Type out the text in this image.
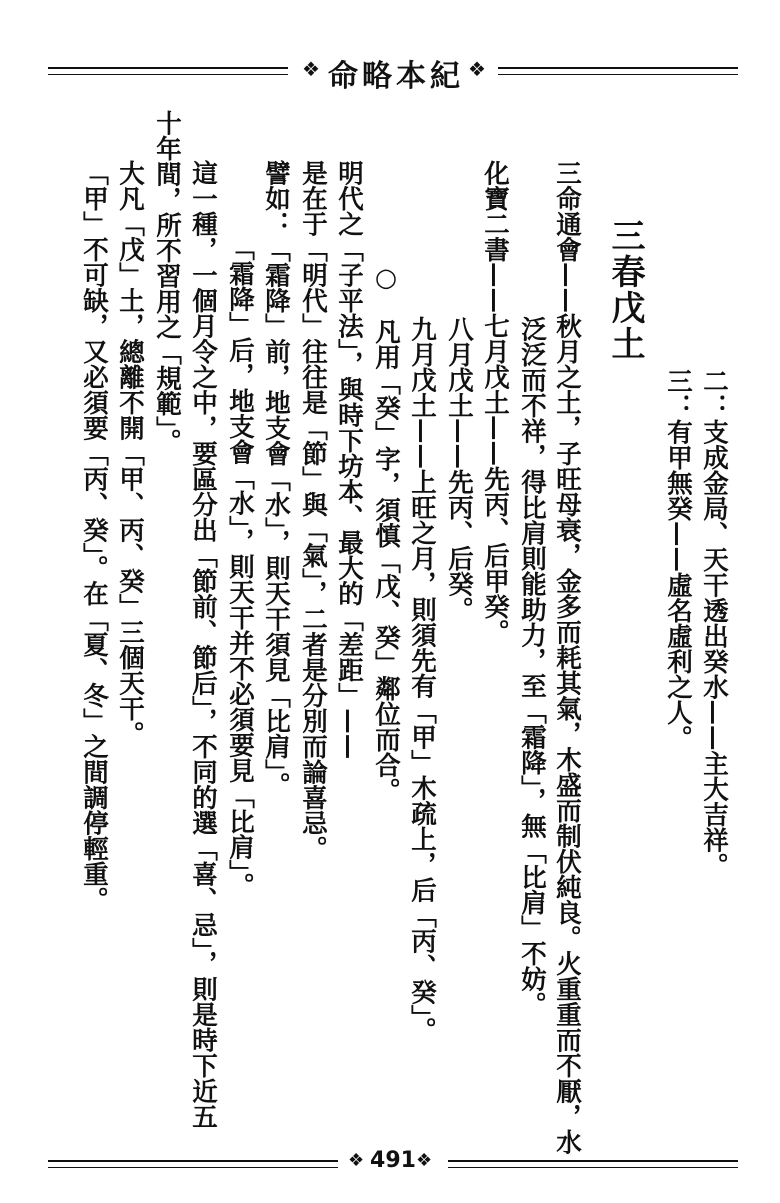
❖ 命略本紀 ❖
二：支成金局、天干透出癸水——主大吉祥。
三：有甲無癸——虛名虛利之人。
三春戊土
三命通會——秋月之土，子旺母衰，金多而耗其氣，木盛而制伏純良。火重重而不厭，水
泛泛而不祥，得比肩則能助力，至「霜降」，無「比肩」不妨。
化寶二書——七月戊土——先丙、后甲癸。
八月戊土——先丙、后癸。
九月戊土——上旺之月，則須先有「甲」木疏上，后「丙、癸」。
○　凡用「癸」字，須慎「戊、癸」鄰位而合。
明代之「子平法」，與時下坊本、最大的「差距」——
是在于「明代」往往是「節」與「氣」，二者是分別而論喜忌。
譬如：「霜降」前，地支會「水」，則天干須見「比肩」。
「霜降」后，地支會「水」，則天干并不必須要見「比肩」。
這一種，一個月令之中，要區分出「節前、節后」，不同的選「喜、忌」，則是時下近五
十年間，所不習用之「規範」。
大凡「戊」土，總離不開「甲、丙、癸」三個天干。
「甲」不可缺，又必須要「丙、癸」。在「夏、冬」之間調停輕重。
❖ 491 ❖
